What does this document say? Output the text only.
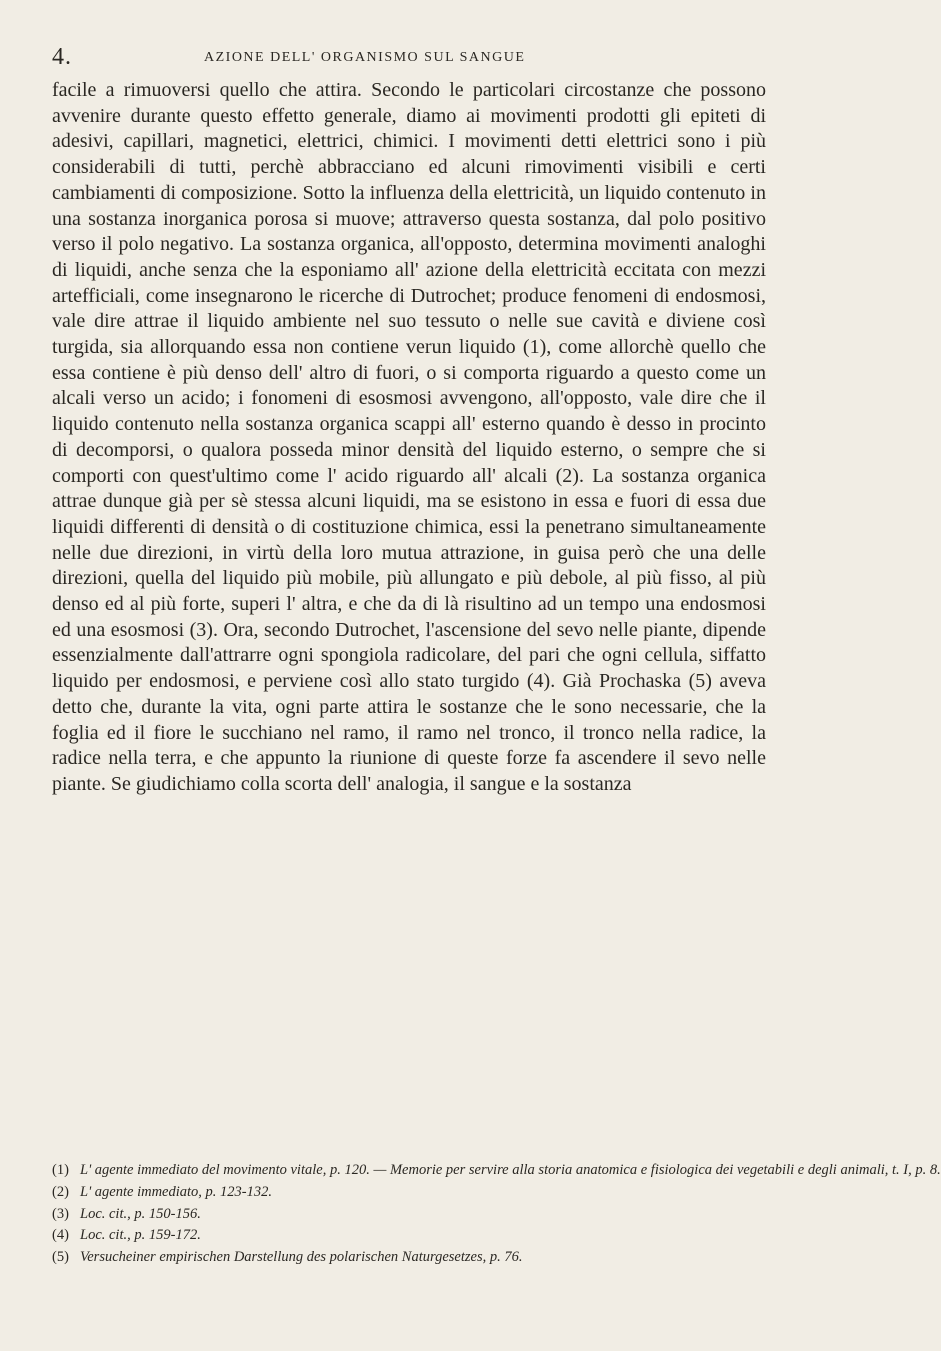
4.	AZIONE DELL' ORGANISMO SUL SANGUE

facile a rimuoversi quello che attira. Secondo le particolari circostanze che possono avvenire durante questo effetto generale, diamo ai movimenti prodotti gli epiteti di adesivi, capillari, magnetici, elettrici, chimici. I movimenti detti elettrici sono i più considerabili di tutti, perchè abbracciano ed alcuni rimovimenti visibili e certi cambiamenti di composizione. Sotto la influenza della elettricità, un liquido contenuto in una sostanza inorganica porosa si muove; attraverso questa sostanza, dal polo positivo verso il polo negativo. La sostanza organica, all'opposto, determina movimenti analoghi di liquidi, anche senza che la esponiamo all' azione della elettricità eccitata con mezzi artefficiali, come insegnarono le ricerche di Dutrochet; produce fenomeni di endosmosi, vale dire attrae il liquido ambiente nel suo tessuto o nelle sue cavità e diviene così turgida, sia allorquando essa non contiene verun liquido (1), come allorchè quello che essa contiene è più denso dell' altro di fuori, o si comporta riguardo a questo come un alcali verso un acido; i fonomeni di esosmosi avvengono, all'opposto, vale dire che il liquido contenuto nella sostanza organica scappi all' esterno quando è desso in procinto di decomporsi, o qualora posseda minor densità del liquido esterno, o sempre che si comporti con quest'ultimo come l' acido riguardo all' alcali (2). La sostanza organica attrae dunque già per sè stessa alcuni liquidi, ma se esistono in essa e fuori di essa due liquidi differenti di densità o di costituzione chimica, essi la penetrano simultaneamente nelle due direzioni, in virtù della loro mutua attrazione, in guisa però che una delle direzioni, quella del liquido più mobile, più allungato e più debole, al più fisso, al più denso ed al più forte, superi l' altra, e che da di là risultino ad un tempo una endosmosi ed una esosmosi (3). Ora, secondo Dutrochet, l'ascensione del sevo nelle piante, dipende essenzialmente dall'attrarre ogni spongiola radicolare, del pari che ogni cellula, siffatto liquido per endosmosi, e perviene così allo stato turgido (4). Già Prochaska (5) aveva detto che, durante la vita, ogni parte attira le sostanze che le sono necessarie, che la foglia ed il fiore le succhiano nel ramo, il ramo nel tronco, il tronco nella radice, la radice nella terra, e che appunto la riunione di queste forze fa ascendere il sevo nelle piante. Se giudichiamo colla scorta dell' analogia, il sangue e la sostanza

(1) L' agente immediato del movimento vitale, p. 120. — Memorie per servire alla storia anatomica e fisiologica dei vegetabili e degli animali, t. I, p. 8.
(2) L' agente immediato, p. 123-132.
(3) Loc. cit., p. 150-156.
(4) Loc. cit., p. 159-172.
(5) Versucheiner empirischen Darstellung des polarischen Naturgesetzes, p. 76.
